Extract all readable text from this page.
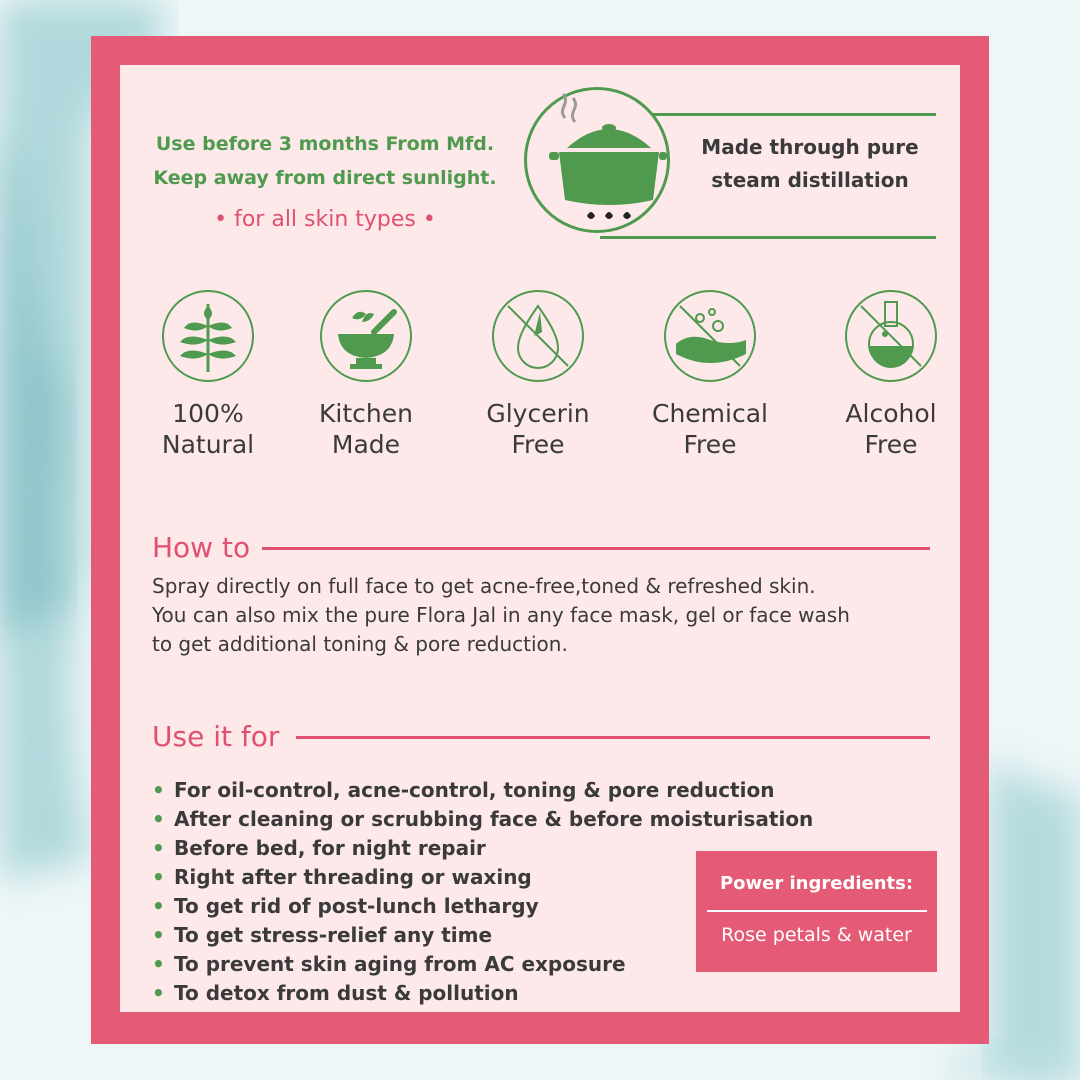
Use before 3 months From Mfd.
Keep away from direct sunlight.
• for all skin types •
Made through pure
steam distillation
100%
Natural
Kitchen
Made
Glycerin
Free
Chemical
Free
Alcohol
Free
How to
Spray directly on full face to get acne-free,toned & refreshed skin.
You can also mix the pure Flora Jal in any face mask, gel or face wash
to get additional toning & pore reduction.
Use it for
• For oil-control, acne-control, toning & pore reduction
• After cleaning or scrubbing face & before moisturisation
• Before bed, for night repair
• Right after threading or waxing
• To get rid of post-lunch lethargy
• To get stress-relief any time
• To prevent skin aging from AC exposure
• To detox from dust & pollution
Power ingredients:
Rose petals & water
